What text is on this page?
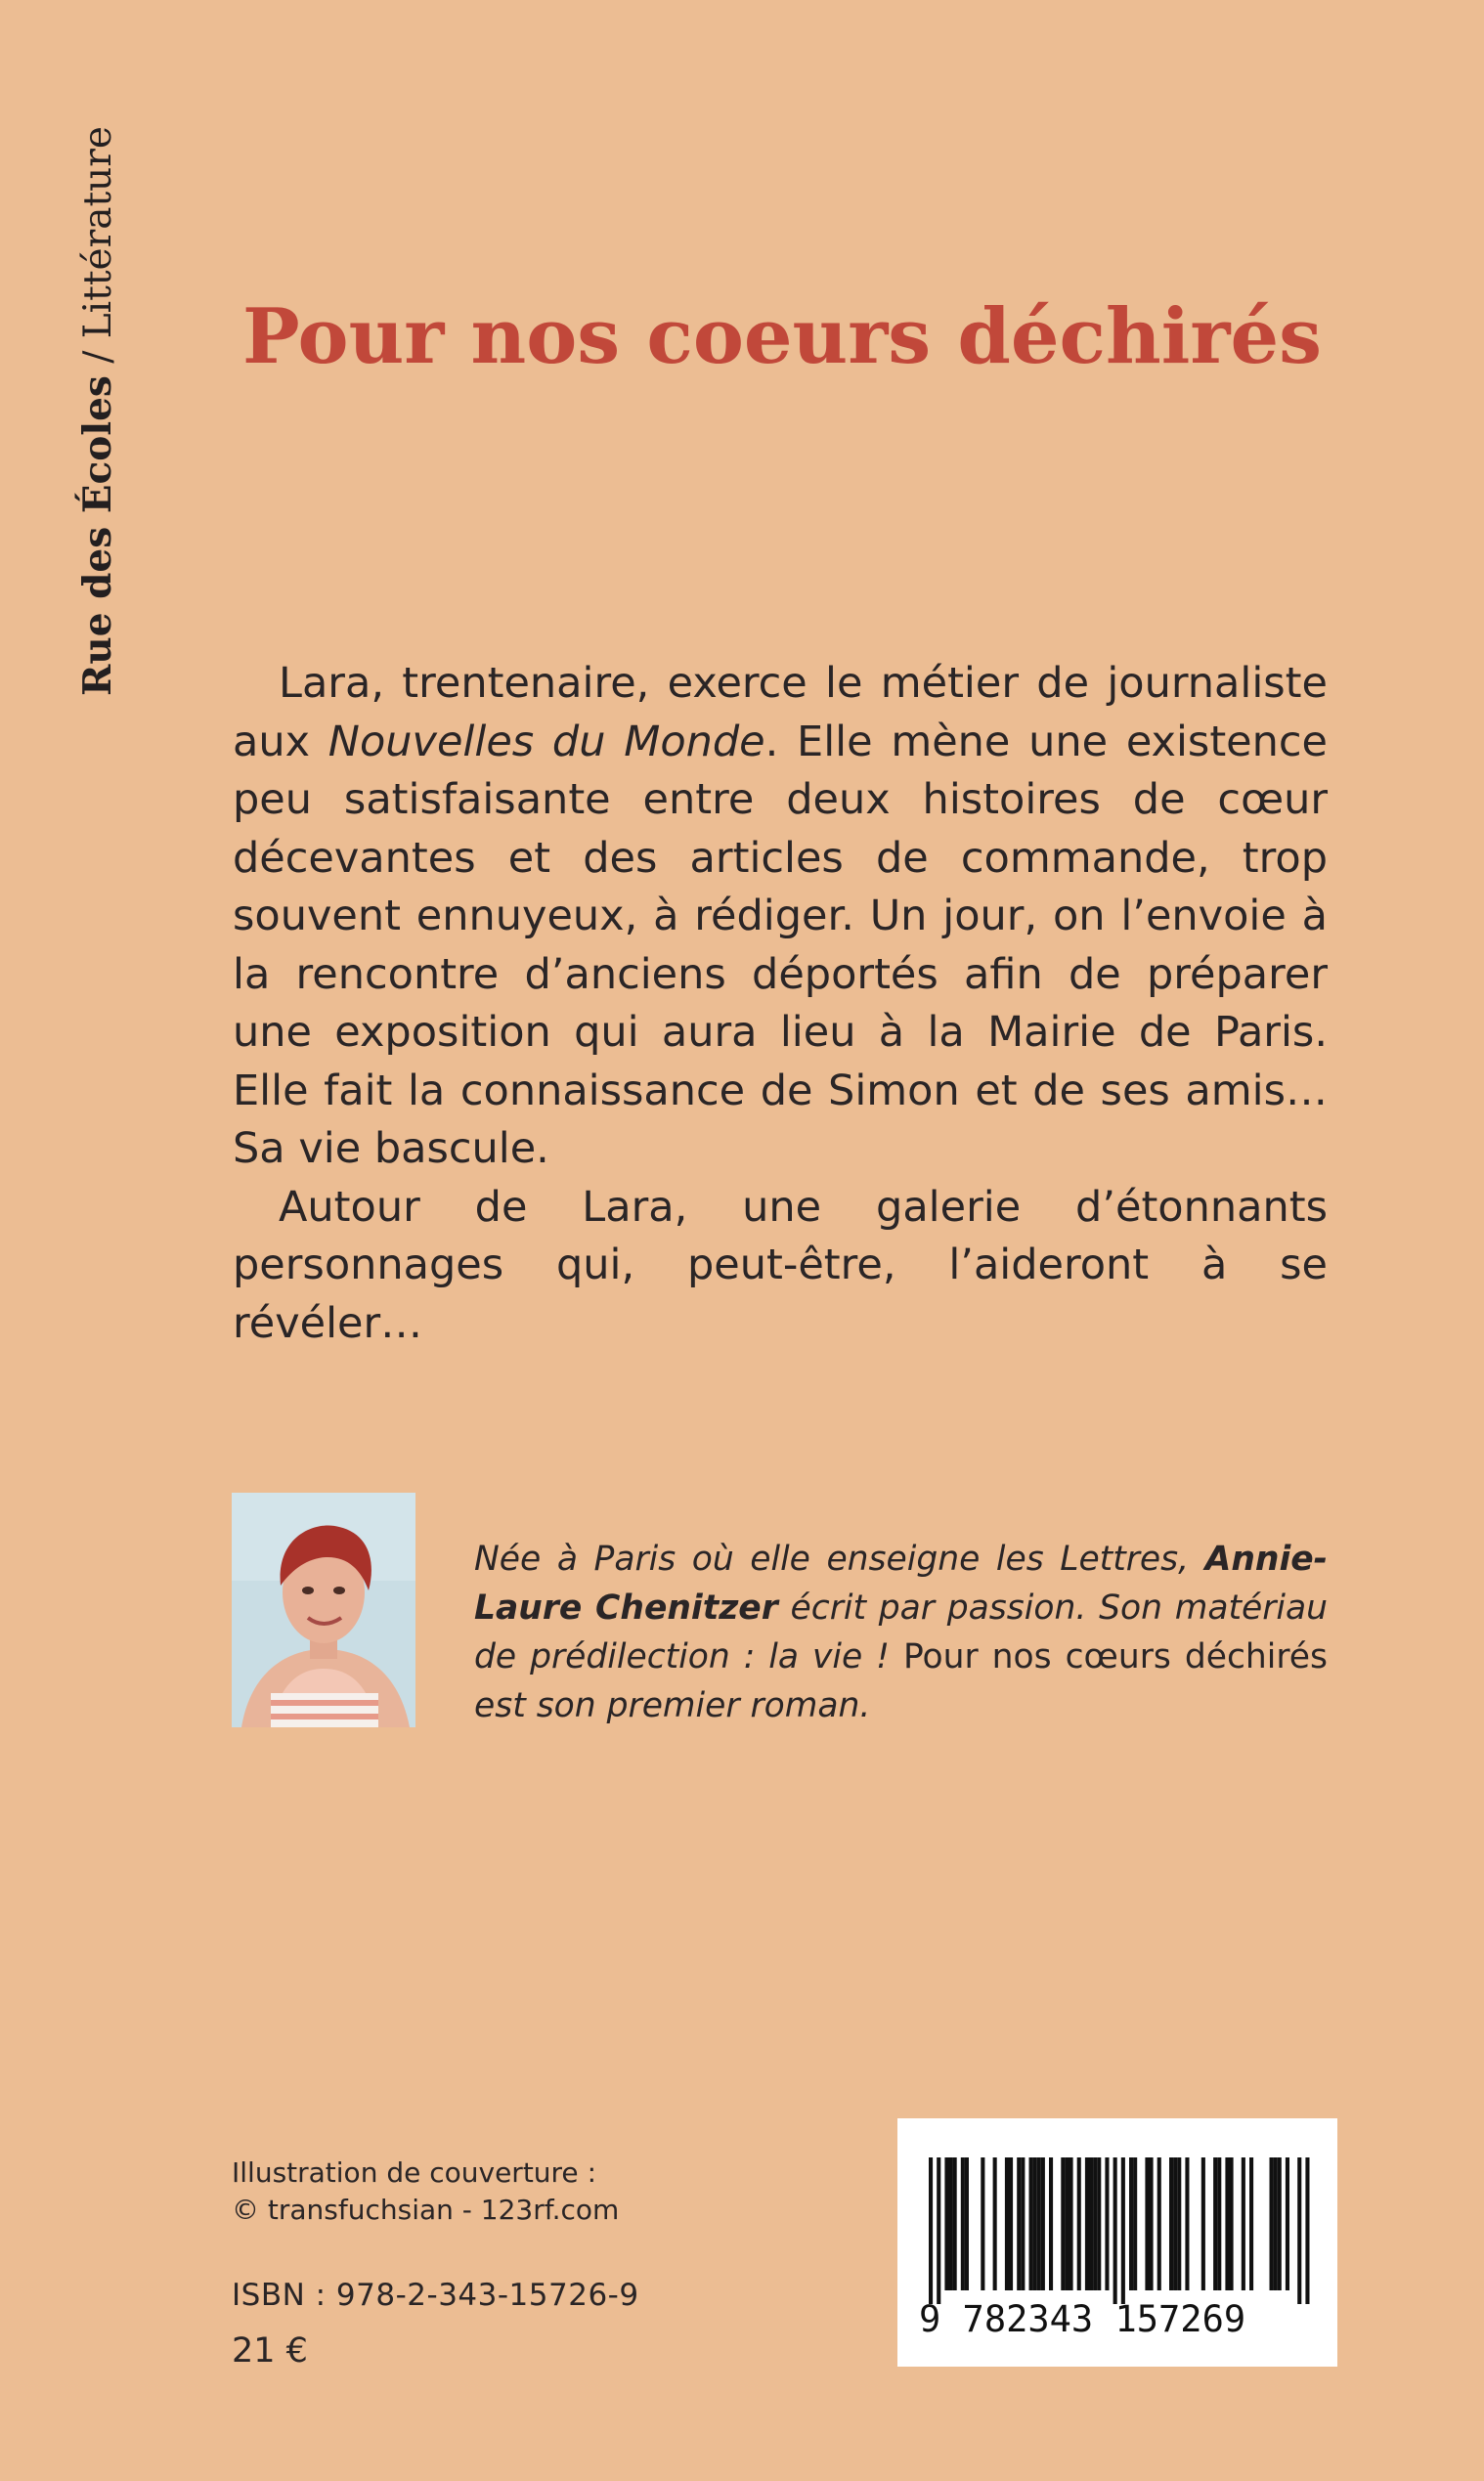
Rue des Écoles / Littérature	Pour nos coeurs déchirés

Lara, trentenaire, exerce le métier de journaliste aux Nouvelles du Monde. Elle mène une existence peu satisfaisante entre deux histoires de cœur décevantes et des articles de commande, trop souvent ennuyeux, à rédiger. Un jour, on l’envoie à la rencontre d’anciens déportés afin de préparer une exposition qui aura lieu à la Mairie de Paris. Elle fait la connaissance de Simon et de ses amis… Sa vie bascule.

Autour de Lara, une galerie d’étonnants personnages qui, peut-être, l’aideront à se révéler…

Née à Paris où elle enseigne les Lettres, Annie-Laure Chenitzer écrit par passion. Son matériau de prédilection : la vie ! Pour nos cœurs déchirés est son premier roman.
Illustration de couverture :
© transfuchsian - 123rf.com
ISBN : 978-2-343-15726-9
21 €
9 782343 157269
